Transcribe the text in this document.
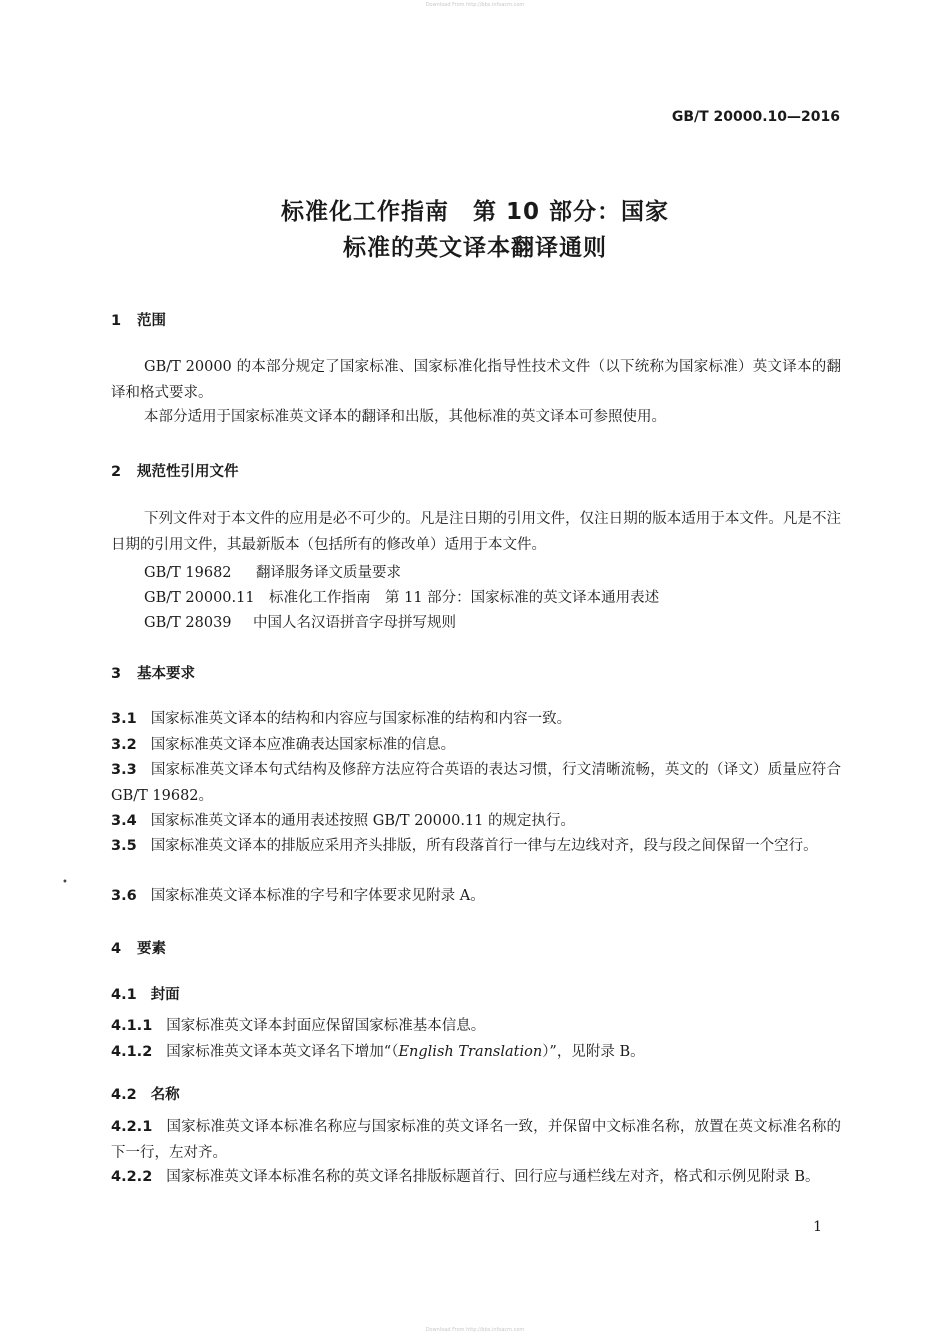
Download From http://bbs.infoacm.com
GB/T 20000.10—2016
标准化工作指南　第 10 部分：国家
标准的英文译本翻译通则
1 范围
GB/T 20000 的本部分规定了国家标准、国家标准化指导性技术文件（以下统称为国家标准）英文译本的翻译和格式要求。
本部分适用于国家标准英文译本的翻译和出版，其他标准的英文译本可参照使用。
2 规范性引用文件
下列文件对于本文件的应用是必不可少的。凡是注日期的引用文件，仅注日期的版本适用于本文件。凡是不注日期的引用文件，其最新版本（包括所有的修改单）适用于本文件。
GB/T 19682 翻译服务译文质量要求
GB/T 20000.11 标准化工作指南　第 11 部分：国家标准的英文译本通用表述
GB/T 28039 中国人名汉语拼音字母拼写规则
3 基本要求
3.1 国家标准英文译本的结构和内容应与国家标准的结构和内容一致。
3.2 国家标准英文译本应准确表达国家标准的信息。
3.3 国家标准英文译本句式结构及修辞方法应符合英语的表达习惯，行文清晰流畅，英文的（译文）质量应符合 GB/T 19682。
3.4 国家标准英文译本的通用表述按照 GB/T 20000.11 的规定执行。
3.5 国家标准英文译本的排版应采用齐头排版，所有段落首行一律与左边线对齐，段与段之间保留一个空行。
3.6 国家标准英文译本标准的字号和字体要求见附录 A。
4 要素
4.1 封面
4.1.1 国家标准英文译本封面应保留国家标准基本信息。
4.1.2 国家标准英文译本英文译名下增加“（English Translation）”，见附录 B。
4.2 名称
4.2.1 国家标准英文译本标准名称应与国家标准的英文译名一致，并保留中文标准名称，放置在英文标准名称的下一行，左对齐。
4.2.2 国家标准英文译本标准名称的英文译名排版标题首行、回行应与通栏线左对齐，格式和示例见附录 B。
•
1
Download From http://bbs.infoacm.com
